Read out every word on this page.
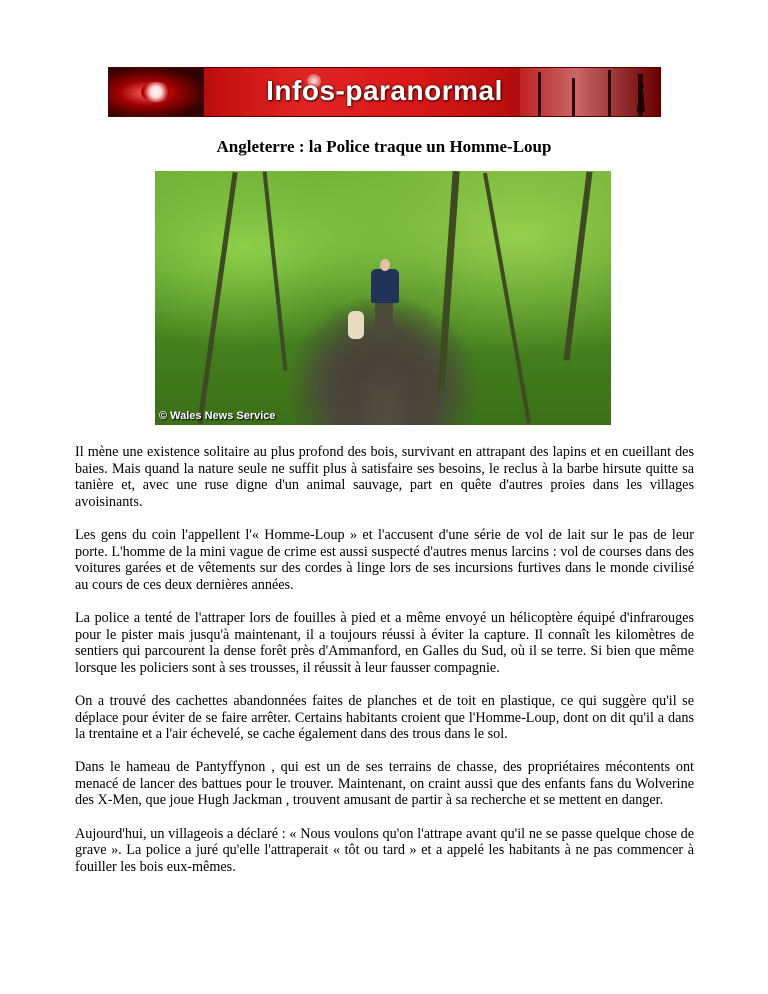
Infos-paranormal
Angleterre : la Police traque un Homme-Loup
© Wales News Service

Il mène une existence solitaire au plus profond des bois, survivant en attrapant des lapins et en cueillant des baies. Mais quand la nature seule ne suffit plus à satisfaire ses besoins, le reclus à la barbe hirsute quitte sa tanière et, avec une ruse digne d'un animal sauvage, part en quête d'autres proies dans les villages avoisinants.

Les gens du coin l'appellent l'« Homme-Loup » et l'accusent d'une série de vol de lait sur le pas de leur porte. L'homme de la mini vague de crime est aussi suspecté d'autres menus larcins : vol de courses dans des voitures garées et de vêtements sur des cordes à linge lors de ses incursions furtives dans le monde civilisé au cours de ces deux dernières années.

La police a tenté de l'attraper lors de fouilles à pied et a même envoyé un hélicoptère équipé d'infrarouges pour le pister mais jusqu'à maintenant, il a toujours réussi à éviter la capture. Il connaît les kilomètres de sentiers qui parcourent la dense forêt près d'Ammanford, en Galles du Sud, où il se terre. Si bien que même lorsque les policiers sont à ses trousses, il réussit à leur fausser compagnie.

On a trouvé des cachettes abandonnées faites de planches et de toit en plastique, ce qui suggère qu'il se déplace pour éviter de se faire arrêter. Certains habitants croient que l'Homme-Loup, dont on dit qu'il a dans la trentaine et a l'air échevelé, se cache également dans des trous dans le sol.

Dans le hameau de Pantyffynon , qui est un de ses terrains de chasse, des propriétaires mécontents ont menacé de lancer des battues pour le trouver. Maintenant, on craint aussi que des enfants fans du Wolverine des X-Men, que joue Hugh Jackman , trouvent amusant de partir à sa recherche et se mettent en danger.

Aujourd'hui, un villageois a déclaré : « Nous voulons qu'on l'attrape avant qu'il ne se passe quelque chose de grave ». La police a juré qu'elle l'attraperait « tôt ou tard » et a appelé les habitants à ne pas commencer à fouiller les bois eux-mêmes.
